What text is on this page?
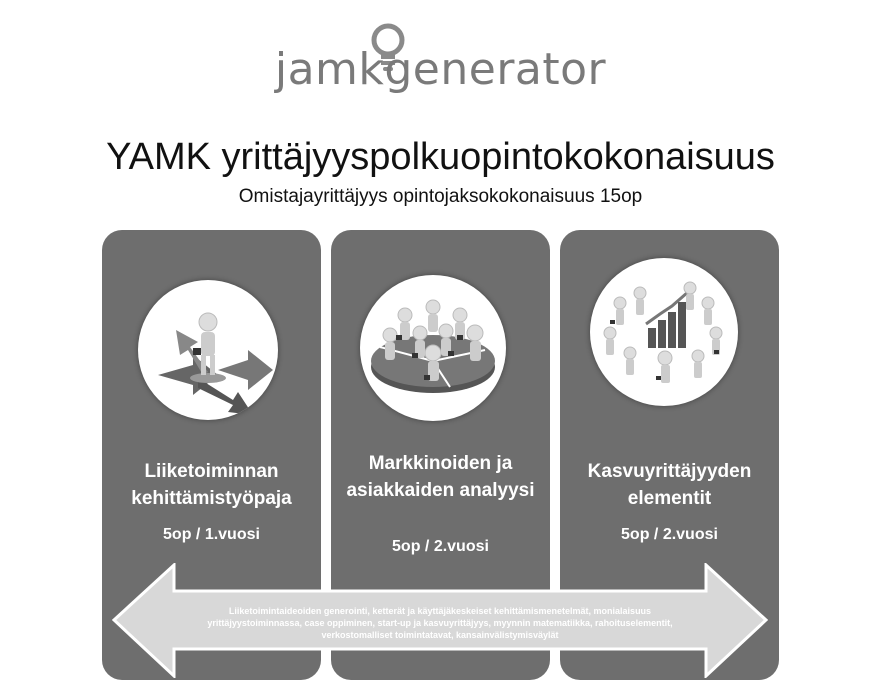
jamkgenerator
YAMK yrittäjyyspolkuopintokokonaisuus
Omistajayrittäjyys opintojaksokokonaisuus 15op
Liiketoiminnan kehittämistyöpaja
5op / 1.vuosi
Markkinoiden ja asiakkaiden analyysi
5op / 2.vuosi
Kasvuyrittäjyyden elementit
5op / 2.vuosi
Liiketoimintaideoiden generointi, ketterät ja käyttäjäkeskeiset kehittämismenetelmät, monialaisuus
yrittäjyystoiminnassa, case oppiminen, start-up ja kasvuyrittäjyys, myynnin matematiikka, rahoituselementit,
verkostomalliset toimintatavat, kansainvälistymisväylät
